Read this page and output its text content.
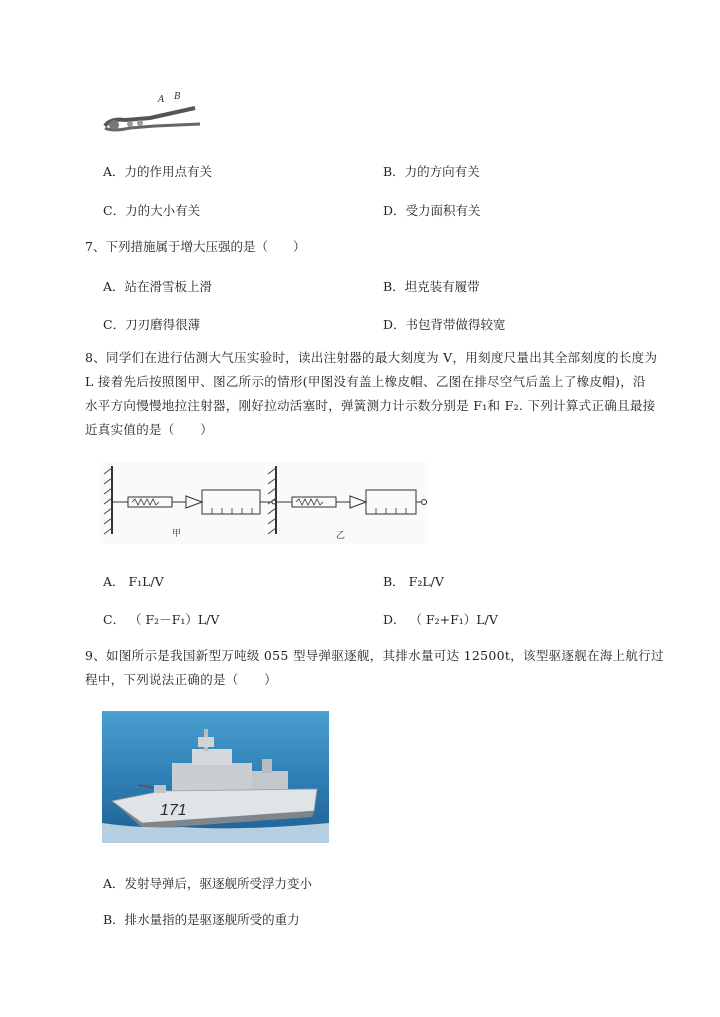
A B
A．力的作用点有关	B．力的方向有关
C．力的大小有关	D．受力面积有关
7、下列措施属于增大压强的是（　　）
A．站在滑雪板上滑	B．坦克装有履带
C．刀刃磨得很薄	D．书包背带做得较宽
8、同学们在进行估测大气压实验时，读出注射器的最大刻度为 V，用刻度尺量出其全部刻度的长度为
L 接着先后按照图甲、图乙所示的情形(甲图没有盖上橡皮帽、乙图在排尽空气后盖上了橡皮帽)，沿
水平方向慢慢地拉注射器，刚好拉动活塞时，弹簧测力计示数分别是 F₁和 F₂. 下列计算式正确且最接
近真实值的是（　　）
甲	乙
A． F₁L/V	B． F₂L/V
C． （ F₂－F₁）L/V	D． （ F₂+F₁）L/V
9、如图所示是我国新型万吨级 055 型导弹驱逐舰，其排水量可达 12500t，该型驱逐舰在海上航行过
程中，下列说法正确的是（　　）
171
A．发射导弹后，驱逐舰所受浮力变小
B．排水量指的是驱逐舰所受的重力
